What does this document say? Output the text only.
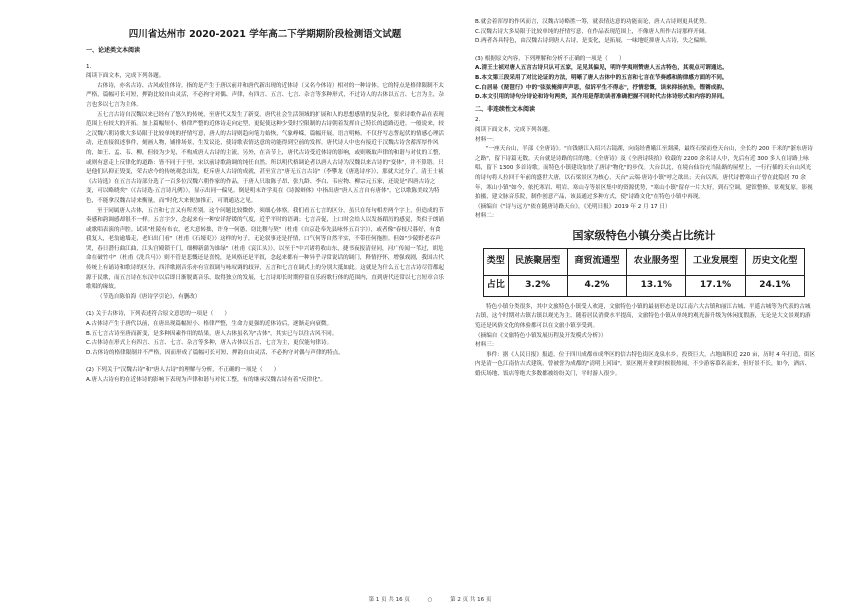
四川省达州市 2020-2021 学年高二下学期期阶段检测语文试题
一、论述类文本阅读

1.

阅读下面文本，完成下列各题。

古体诗，亦名古诗、古风或往体诗。指的是产生于唐以前并和唐代新出现的近体诗（又名今体诗）相对的一种诗体。它的特点是格律限制不太严格，篇幅可长可短，押韵比较自由灵活，不必拘守对偶、声律，有四言、五言、七言、杂言等多种形式，不过诗人的古体以五言、七言为主，杂言也多以七言为主体。

五七言古诗自汉魏以来已经有了悠久的传统，至唐代又发生了新变。唐代社会生活领域的扩展和人的思想感情的复杂化，要求诗歌作品在表现范围上有较大的开拓。加上篇幅短小、格律严整的近体诗走向定型，更促使这种少受时空限制的古诗朝着发挥自己特长的道路迈进。一般说来，较之汉魏六朝诗歌大多局限于比较单纯的抒情写意，唐人的古诗则趋向笔力始恢，气象峥嵘，篇幅开展，语言明畅，不仅抒写志誓起伏的情感心理活动，还直接叙述事件，刻画人物，铺排场景，生发议论，使诗歌表情达意的功能得到空前的发挥。唐代诗人中也有接近于汉魏古诗含蓄浑厚作风的，如王、孟、韦、柳，但较为少见，不构成唐人古诗的主流。另外，在音节上，唐代古诗受近体诗的影响，或则吸取声律的和谐与对仗的工整，或则有意走上反律化的道路：皆不同于于里，宋以前诗歌韵调的纯任自然。所以明代格调论者以唐人古诗为汉魏以来古诗的"变体"，并不算错。只是他们认抑正毁变，荣古虐今的传统观念出发，贬斥唐人古诗的成就，甚至宣言"唐无五言古诗"（李攀龙《唐选诗序》），那就大过分了。清王士祯《古诗选》在五言古诗部分选了一百多位汉魏六朝作家的作品，于唐人只取陈子昂、张九龄、李白、韦应物、柳宗元五家，还说是"四唐古诗之变，可以略晓矣"（《古诗选·五言诗凡例》），显示出同一偏见。倒是明末许学夷在《诗源辩体》中指出唐"唐人五言自有唐体"，它以歌陈美纹为特色，不能拿汉魏古诗来衡量，而"时化大来便加推正，可谓通达之见。

至于同属唐人古体，五言和七言又有所差别。这个问题比较微妙，须细心体察。我们看五七言的区分，虽只在每句相差两个字上，但造成的节奏感和韵调感却很不一样。五言字少，念起来有一种安详舒缓的气度，近乎平时的语调；七言音促，上口时会给人以发扬蹈厉的感觉，类似于朗诵或歌唱表演的声腔。试读"杜陵有布衣，老大意转拙，许身一何愚，窃比稷与契"（杜甫《自京赴奉先县咏怀五百字》），或者像"春枝尺暮好，有食我复人，老翁逾墙走，老妇出门看"（杜甫《石壕吏》）这样的句子，无论叙事还是抒情，口气何等自然平实，不带任何拖腔。但如"少陵野老吞声哭，春日潜行曲江曲，江头宫殿锁千门，细柳新蒲为谁绿"（杜甫《哀江头》），以至于"中兴诸将收山东，捷书夜报清昼同，河广传闻一苇过，胡危命在破竹中"（杜甫《洗兵马》）则不管是悲慨还是喜悦，是风格还是平叙，念起来都有一种异乎寻常说话的调门，释情抒怀，增强戏剧，我国古代传统上有诵诗和歌诗的区分，西洋歌剧音乐亦有宣叙调与咏叹调的歧异，五言和七言在调式上的分别大抵如此。这就是为什么五七言古诗尽管都起源于民歌，而五言诗在东汉中以后即日渐脱离音乐，取得独立的发展，七言诗却长时期停留在乐府歌行体的范围内，直到唐代还常以七言短章合乐歌唱的缘故。

（节选自陈伯海《唐诗学引论》，有删改）

(1) 关于古体诗，下列表述符合原文意思的一项是（　　）

A.古体诗产生于唐代以前，在唐出现篇幅短小、格律严整，生命力更强的近体诗后，逐渐走向衰微。

B.五七言古诗至唐而新变，是多种因素作用的结果，唐人古体虽名为"古体"，其实已与以往古风不同。

C.古体诗在形式上有四言、五言、七言、杂言等多种，唐人古体以五言、七言为主，更仅能句律诗。

D.古体诗的格律限制并不严格，因而形成了篇幅可长可短、押韵自由灵活、不必拘守对偶与声律的特点。

(2) 下列关于"汉魏古诗"和"唐人古诗"的理解与分析，不正确的一项是（　　）

A.唐人古诗有的在近体诗的影响下表现为声律和谐与对仗工整，有的继承汉魏古诗有着"反律化"。

B.就会着浑厚的作风而言，汉魏古诗略胜一筹，就表情达意的功能而论，唐人古诗则更具优势。

C.汉魏古诗大多局限于比较单纯的抒情写意，在作品表现范围上，不像唐人所作古诗那样开阔。

D.两者各具特色，由汉魏古诗到唐人古诗，是变化，是拓展，一味地贬抑唐人古诗，失之偏颇。

(3) 根据原文内容，下列理解和分析不正确的一项是（　　）

A.清王士祯对唐人五言古诗只认可五家，足见其偏见，明许学夷则赞唐人五古特色，其观点可谓通达。

B.本文第三段采用了对比论证的方法，明晰了唐人古体中的五言和七言在节奏感和韵律感方面的不同。

C.白居易《琵琶行》中的"弦弦掩抑声声思，似诉平生不得志"，抒情悲慨，读来抑扬抗坠，铿锵成韵。

D.本文引用的诗句分诗论和诗句两类，其作用是帮助读者准确把握不同时代古体诗形式和内容的异同。

二、非连续性文本阅读

2.

阅读下面文本，完成下列各题。

材料一：

"一座天台山，半部《全唐诗》。"自钱塘江入绍兴古镜湖，向南经曹娥江至剡溪，最终石梁而登天台山，全长约 200 千米的"浙东唐诗之路"，留下诗篇无数。天台就是诗路的目的地。《全唐诗》及《全唐诗续拾》收载的 2200 余名诗人中，先后有近 300 多人在诗路上咏唱，留下 1300 多首诗歌。而特色小镇建设加快了唐诗"物化"的步伐。大台以北，在境台仙谷充当陆路的屋壁上，一行行插的天台山风光的诗句将人拉回千年前的盛世大唐，以石梁景区为核心，天台"云端·唐诗小镇"呼之欲出；天台以西，唐代诗僧寒山子曾在此隐居 70 余年，寒山小镇"如今，依托寒岩、明岩、寒山寺等景区集中的资源优势，"寒山小镇"留存一片大好，到石空调，建馆整修，景观复原，影视拍摄，建文脉音乐院，制作创意产品，该县通过多种方式，使"诗路文化"在特色小镇中再现。

（摘编自《"诗与远方"依在随唐诗路天台》，《光明日报》2019 年 2 月 17 日）

材料二：

国家级特色小镇分类占比统计
类型	民族聚居型	商贸流通型	农业服务型	工业发展型	历史文化型
占比	3.2%	4.2%	13.1%	17.1%	24.1%

特色小镇分类很多，其中文旅特色小镇受人欢迎，文旅特色小镇的最初形态是以江南六大古镇和丽江古城、平遥古城等为代表的古城古镇，这个时期对古镇古镇以观光为主，随着居民消费水平提高，文旅特色小镇从单纯的观光游升级为休闲度假游，无论是大文景观的游览还是风俗文化的体验都可以在文旅小镇享受到。

（摘编自《文旅特色小镇发展历程及开发模式分析》）

材料三：

事件：据《人民日报》报道，位于四川成都市成华区的信古特色街区龙泉水乡，投资巨大，占地面积近 220 亩，历时 4 年打造，街区内是清一色江南仿古式建筑，曾被誉为成都的"清明上河园"。景区刚开业的时候很热闹，不少游客慕名而来，但好景不长，如今，酒店、婚庆场地、饭店等绝大多数都被纷纷关门，平时游人很少。

第 1 页 共 16 页	○	第 2 页 共 16 页
